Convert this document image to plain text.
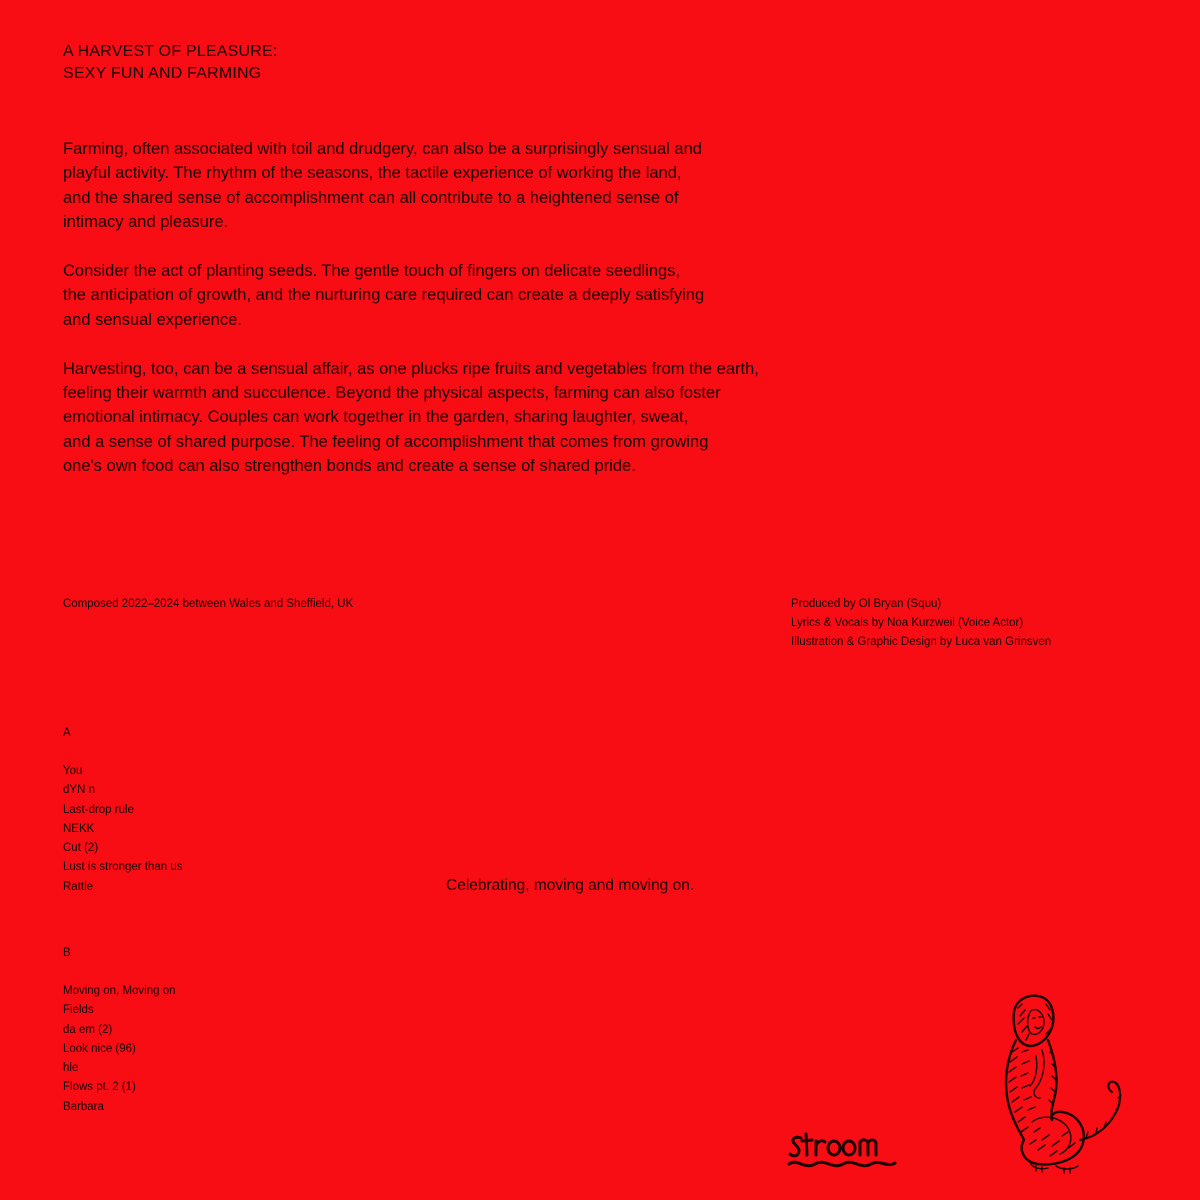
A HARVEST OF PLEASURE:
SEXY FUN AND FARMING

Farming, often associated with toil and drudgery, can also be a surprisingly sensual and
playful activity. The rhythm of the seasons, the tactile experience of working the land,
and the shared sense of accomplishment can all contribute to a heightened sense of
intimacy and pleasure.

Consider the act of planting seeds. The gentle touch of fingers on delicate seedlings,
the anticipation of growth, and the nurturing care required can create a deeply satisfying
and sensual experience.

Harvesting, too, can be a sensual affair, as one plucks ripe fruits and vegetables from the earth,
feeling their warmth and succulence. Beyond the physical aspects, farming can also foster
emotional intimacy. Couples can work together in the garden, sharing laughter, sweat,
and a sense of shared purpose. The feeling of accomplishment that comes from growing
one's own food can also strengthen bonds and create a sense of shared pride.

Composed 2022–2024 between Wales and Sheffield, UK	Produced by Ol Bryan (Squu)
Lyrics & Vocals by Noa Kurzweil (Voice Actor)
Illustration & Graphic Design by Luca van Grinsven
A
You
dYN n
Last-drop rule
NEKK
Cut (2)
Lust is stronger than us
Rattle
B
Moving on, Moving on
Fields
da em (2)
Look nice (96)
hle
Flows pt. 2 (1)
Barbara
Celebrating, moving and moving on.
